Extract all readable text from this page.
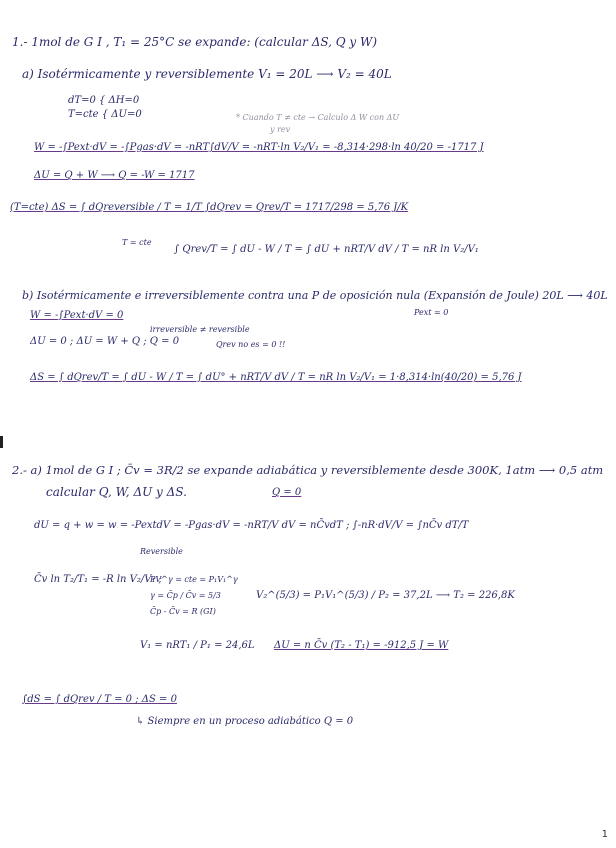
1.- 1mol de G I , T₁ = 25°C se expande: (calcular ΔS, Q y W)
a) Isotérmicamente y reversiblemente V₁ = 20L ⟶ V₂ = 40L
dT=0 { ΔH=0
T=cte { ΔU=0	* Cuando T ≠ cte → Calculo Δ W con ΔU
y rev
W = -∫Pext·dV = -∫Pgas·dV = -nRT∫dV/V = -nRT·ln V₂/V₁ = -8,314·298·ln 40/20 = -1717 J
ΔU = Q + W ⟶ Q = -W = 1717
(T=cte) ΔS = ∫ dQreversible / T = 1/T ∫dQrev = Qrev/T = 1717/298 = 5,76 J/K
T = cte
∫ Qrev/T = ∫ dU - W / T = ∫ dU + nRT/V dV / T = nR ln V₂/V₁
b) Isotérmicamente e irreversiblemente contra una P de oposición nula (Expansión de Joule) 20L ⟶ 40L
Pext = 0
W = -∫Pext·dV = 0
irreversible ≠ reversible
ΔU = 0 ; ΔU = W + Q ; Q = 0	Qrev no es = 0 !!
ΔS = ∫ dQrev/T = ∫ dU - W / T = ∫ dU° + nRT/V dV / T = nR ln V₂/V₁ = 1·8,314·ln(40/20) = 5,76 J
2.- a) 1mol de G I ; C̄v = 3R/2 se expande adiabática y reversiblemente desde 300K, 1atm ⟶ 0,5 atm
calcular Q, W, ΔU y ΔS.	Q = 0
dU = q + w = w = -PextdV = -Pgas·dV = -nRT/V dV = nC̄vdT ; ∫-nR·dV/V = ∫nC̄v dT/T
Reversible
C̄v ln T₂/T₁ = -R ln V₂/V₁ ;
PV^γ = cte = P₁V₁^γ
γ = C̄p / C̄v = 5/3
C̄p - C̄v = R (GI)
V₂^(5/3) = P₁V₁^(5/3) / P₂ = 37,2L ⟶ T₂ = 226,8K
V₁ = nRT₁ / P₁ = 24,6L ΔU = n C̄v (T₂ - T₁) = -912,5 J = W
∫dS = ∫ dQrev / T = 0 ; ΔS = 0
↳ Siempre en un proceso adiabático Q = 0
1
